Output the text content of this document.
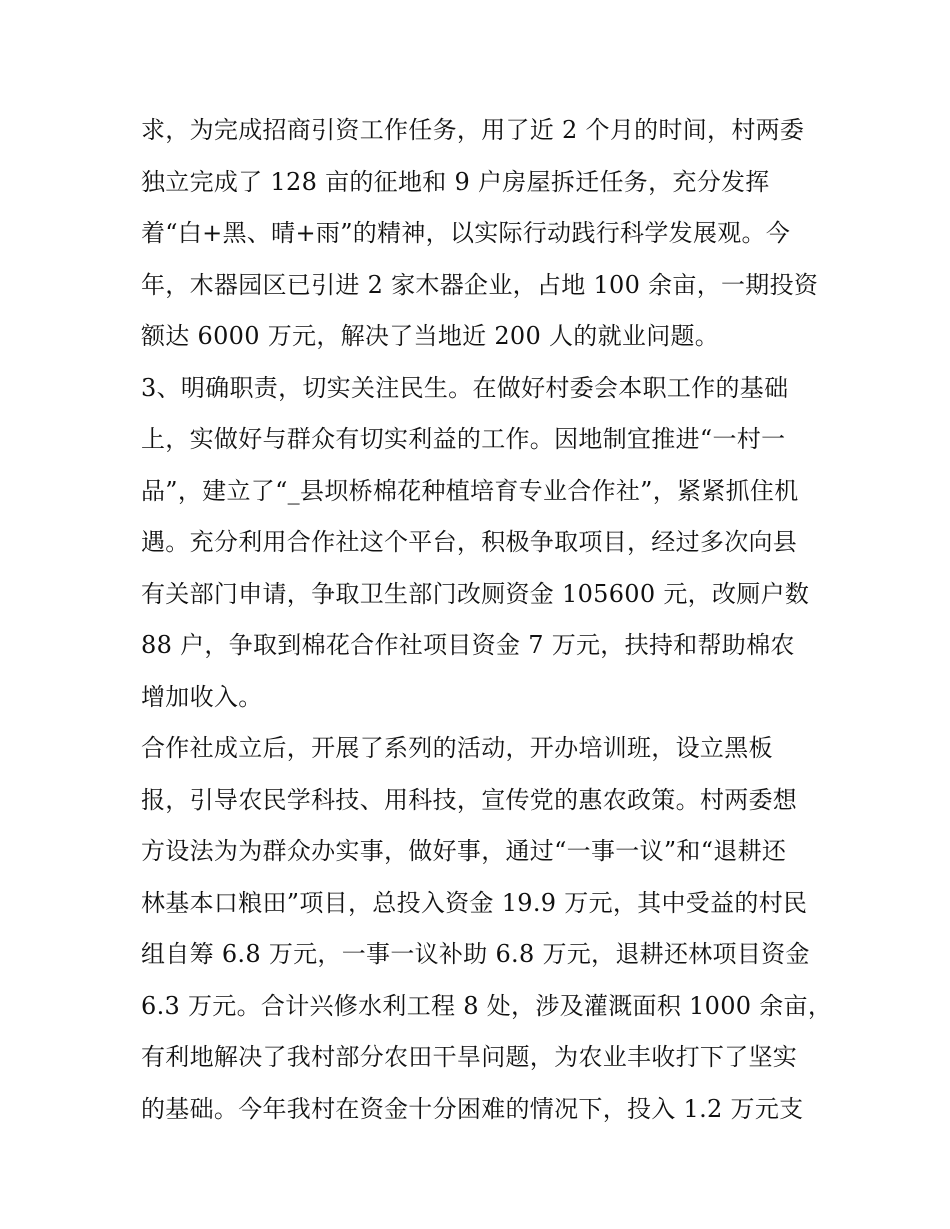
求，为完成招商引资工作任务，用了近 2 个月的时间，村两委
独立完成了 128 亩的征地和 9 户房屋拆迁任务，充分发挥
着“白+黑、晴+雨”的精神，以实际行动践行科学发展观。今
年，木器园区已引进 2 家木器企业，占地 100 余亩，一期投资
额达 6000 万元，解决了当地近 200 人的就业问题。
3、明确职责，切实关注民生。在做好村委会本职工作的基础
上，实做好与群众有切实利益的工作。因地制宜推进“一村一
品”，建立了“_县坝桥棉花种植培育专业合作社”，紧紧抓住机
遇。充分利用合作社这个平台，积极争取项目，经过多次向县
有关部门申请，争取卫生部门改厕资金 105600 元，改厕户数
88 户，争取到棉花合作社项目资金 7 万元，扶持和帮助棉农
增加收入。
合作社成立后，开展了系列的活动，开办培训班，设立黑板
报，引导农民学科技、用科技，宣传党的惠农政策。村两委想
方设法为为群众办实事，做好事，通过“一事一议”和“退耕还
林基本口粮田”项目，总投入资金 19.9 万元，其中受益的村民
组自筹 6.8 万元，一事一议补助 6.8 万元，退耕还林项目资金
6.3 万元。合计兴修水利工程 8 处，涉及灌溉面积 1000 余亩，
有利地解决了我村部分农田干旱问题，为农业丰收打下了坚实
的基础。今年我村在资金十分困难的情况下，投入 1.2 万元支
